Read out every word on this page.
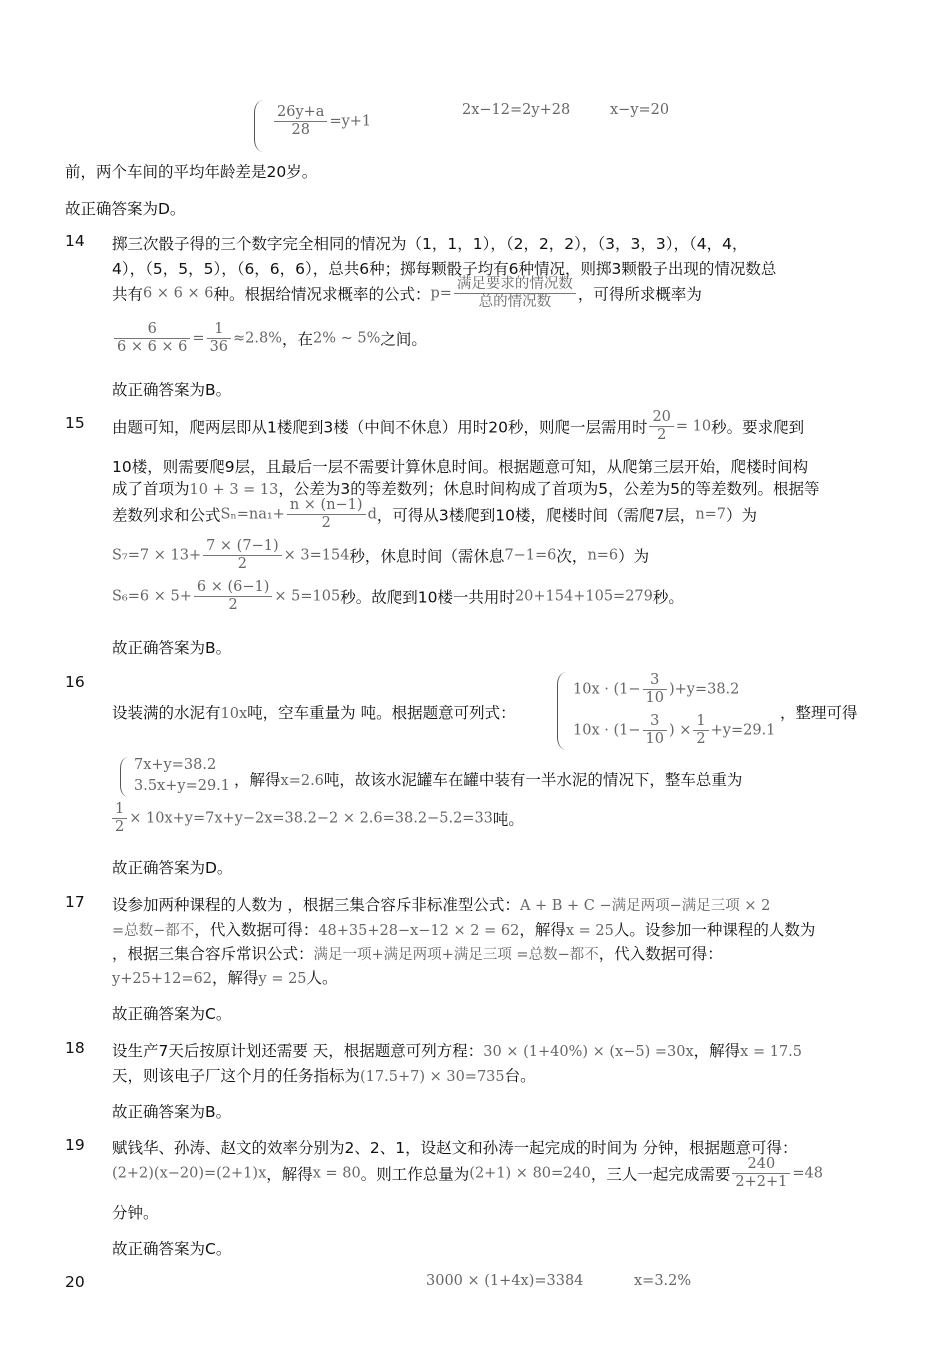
$\frac{26y+a}{28} =y+1$
2x−12=2y+28	x−y=20
前，两个车间的平均年龄差是20岁。
故正确答案为D。
14 掷三次骰子得的三个数字完全相同的情况为（1，1，1），（2，2，2），（3，3，3），（4，4，
4），（5，5，5），（6，6，6），总共6种；掷每颗骰子均有6种情况，则掷3颗骰子出现的情况数总
共有6 × 6 × 6种。根据给情况求概率的公式：$p= \frac{\text{满足要求的情况数}}{\text{总的情况数}}$ ，可得所求概率为
$\frac{6}{6 \times 6 \times 6} = \frac{1}{36} \approx 2.8\%$，在2% ∼ 5%之间。
故正确答案为B。
15 由题可知，爬两层即从1楼爬到3楼（中间不休息）用时20秒，则爬一层需用时 $\frac{20}{2} = 10$秒。要求爬到
10楼，则需要爬9层，且最后一层不需要计算休息时间。根据题意可知，从爬第三层开始，爬楼时间构
成了首项为10 + 3 = 13，公差为3的等差数列；休息时间构成了首项为5，公差为5的等差数列。根据等
差数列求和公式$S_n=na_1+ \frac{n \times (n-1)}{2}$ d，可得从3楼爬到10楼，爬楼时间（需爬7层，n=7）为
$S_7=7 \times 13+ \frac{7 \times (7-1)}{2} \times 3=154$秒，休息时间（需休息7−1=6次，n=6）为
$S_6=6 \times 5+ \frac{6 \times (6-1)}{2} \times 5=105$秒。故爬到10楼一共用时20+154+105=279秒。
故正确答案为B。
16
设装满的水泥有10x吨，空车重量为 吨。根据题意可列式：
$10x \cdot (1- \frac{3}{10} )+y=38.2$
$10x \cdot (1- \frac{3}{10}$ ) × $\frac{1}{2} +y=29.1$
，整理可得
7x+y=38.2
3.5x+y=29.1 ，解得x=2.6吨，故该水泥罐车在罐中装有一半水泥的情况下，整车总重为
$\frac{1}{2} \times 10x+y=7x+y-2x=38.2-2 \times 2.6=38.2-5.2=33$吨。
故正确答案为D。
17 设参加两种课程的人数为 ，根据三集合容斥非标准型公式：A + B + C −满足两项−满足三项 × 2
=总数−都不，代入数据可得：48+35+28−x−12 × 2 = 62，解得x = 25人。设参加一种课程的人数为
，根据三集合容斥常识公式：满足一项+满足两项+满足三项 =总数−都不，代入数据可得：
y+25+12=62，解得y = 25人。
故正确答案为C。
18 设生产7天后按原计划还需要 天，根据题意可列方程：30 × (1+40%) × (x−5) =30x，解得x = 17.5
天，则该电子厂这个月的任务指标为(17.5+7) × 30=735台。
故正确答案为B。
19 赋钱华、孙涛、赵文的效率分别为2、2、1，设赵文和孙涛一起完成的时间为 分钟，根据题意可得：
(2+2)(x−20)=(2+1)x，解得x = 80。则工作总量为(2+1) × 80=240，三人一起完成需要 $\frac{240}{2+2+1} =48$
分钟。
故正确答案为C。
20	3000 × (1+4x)=3384	x=3.2%
